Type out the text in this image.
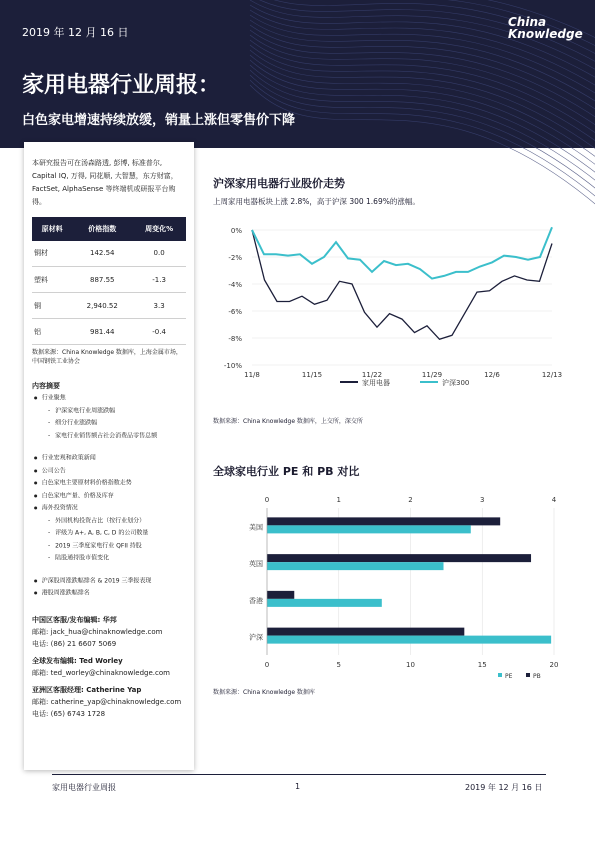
2019 年 12 月 16 日
China
Knowledge
家用电器行业周报：
白色家电增速持续放缓，销量上涨但零售价下降
本研究报告可在汤森路透, 彭博, 标准普尔, Capital IQ, 万得, 同花顺, 大智慧，东方财富，FactSet, AlphaSense 等终端机或研报平台购得。
原材料	价格指数	周变化%
铜材	142.54	0.0
塑料	887.55	-1.3
铜	2,940.52	3.3
铝	981.44	-0.4
数据来源：China Knowledge 数据库，上海金属市场，中国钢铁工业协会
内容摘要
● 行业聚焦
- 沪深家电行业周涨跌幅
- 细分行业涨跌幅
- 家电行业销售额占社会消费品零售总额
● 行业宏观和政策新闻
● 公司公告
● 白色家电主要原材料价格指数走势
● 白色家电产量、价格及库存
● 海外投资情况
- 外国机构投资占比（按行业划分）
- 评级为 A+, A, B, C, D 的公司数量
- 2019 三季度家电行业 QFII 持股
- 陆股通持股市值变化
● 沪深股周涨跌幅排名 & 2019 三季报表现
● 港股周涨跌幅排名
中国区客服/发布编辑: 华邦
邮箱: jack_hua@chinaknowledge.com
电话: (86) 21 6607 5069
全球发布编辑: Ted Worley
邮箱: ted_worley@chinaknowledge.com
亚洲区客服经理: Catherine Yap
邮箱: catherine_yap@chinaknowledge.com
电话: (65) 6743 1728
沪深家用电器行业股价走势
上周家用电器板块上涨 2.8%，高于沪深 300 1.69%的涨幅。
0%
-2%
-4%
-6%
-8%
-10%
11/8	11/15	11/22	11/29	12/6	12/13
家用电器	沪深300
数据来源：China Knowledge 数据库，上交所，深交所
全球家电行业 PE 和 PB 对比
0	1	2	3	4
0	5	10	15	20
美国
英国
香港
沪深
PE	PB
数据来源：China Knowledge 数据库
家用电器行业周报	1	2019 年 12 月 16 日
